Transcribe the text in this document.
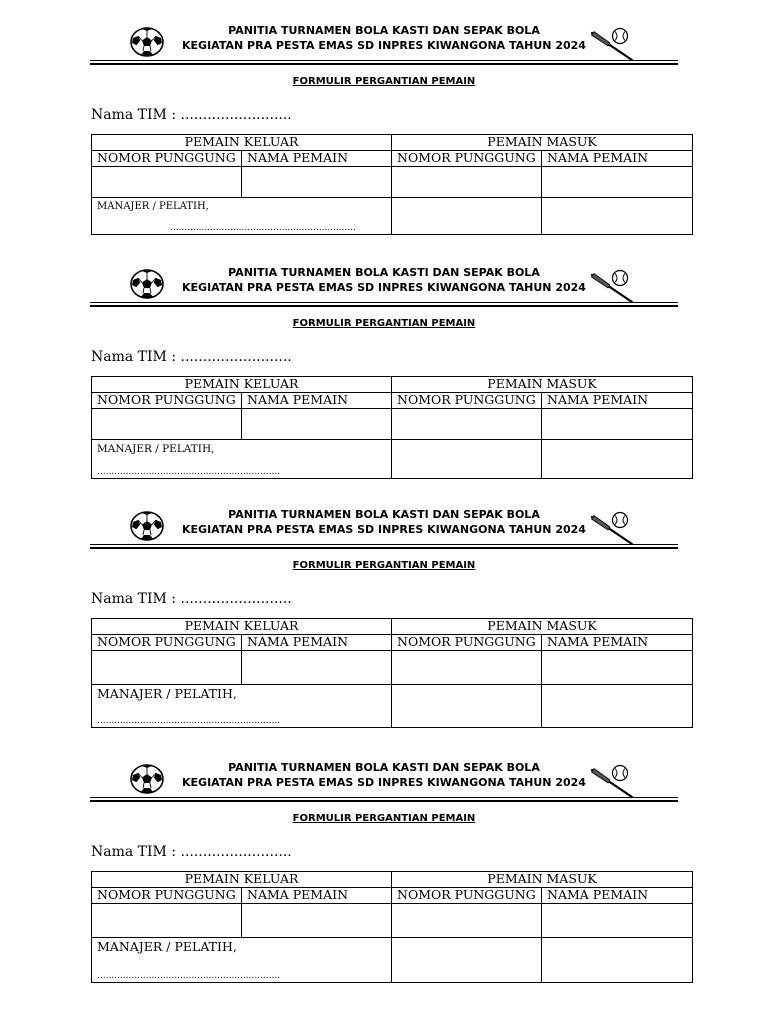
PANITIA TURNAMEN BOLA KASTI DAN SEPAK BOLA
KEGIATAN PRA PESTA EMAS SD INPRES KIWANGONA TAHUN 2024
FORMULIR PERGANTIAN PEMAIN
Nama TIM : .........................
PEMAIN KELUAR		PEMAIN MASUK	
NOMOR PUNGGUNG	NAMA PEMAIN	NOMOR PUNGGUNG	NAMA PEMAIN

MANAJER / PELATIH,
.................................................................			

PANITIA TURNAMEN BOLA KASTI DAN SEPAK BOLA
KEGIATAN PRA PESTA EMAS SD INPRES KIWANGONA TAHUN 2024
FORMULIR PERGANTIAN PEMAIN
Nama TIM : .........................
PEMAIN KELUAR		PEMAIN MASUK	
NOMOR PUNGGUNG	NAMA PEMAIN	NOMOR PUNGGUNG	NAMA PEMAIN

MANAJER / PELATIH,
................................................................			

PANITIA TURNAMEN BOLA KASTI DAN SEPAK BOLA
KEGIATAN PRA PESTA EMAS SD INPRES KIWANGONA TAHUN 2024
FORMULIR PERGANTIAN PEMAIN
Nama TIM : .........................
PEMAIN KELUAR		PEMAIN MASUK	
NOMOR PUNGGUNG	NAMA PEMAIN	NOMOR PUNGGUNG	NAMA PEMAIN

MANAJER / PELATIH,
................................................................			

PANITIA TURNAMEN BOLA KASTI DAN SEPAK BOLA
KEGIATAN PRA PESTA EMAS SD INPRES KIWANGONA TAHUN 2024
FORMULIR PERGANTIAN PEMAIN
Nama TIM : .........................
PEMAIN KELUAR		PEMAIN MASUK	
NOMOR PUNGGUNG	NAMA PEMAIN	NOMOR PUNGGUNG	NAMA PEMAIN

MANAJER / PELATIH,
................................................................			
